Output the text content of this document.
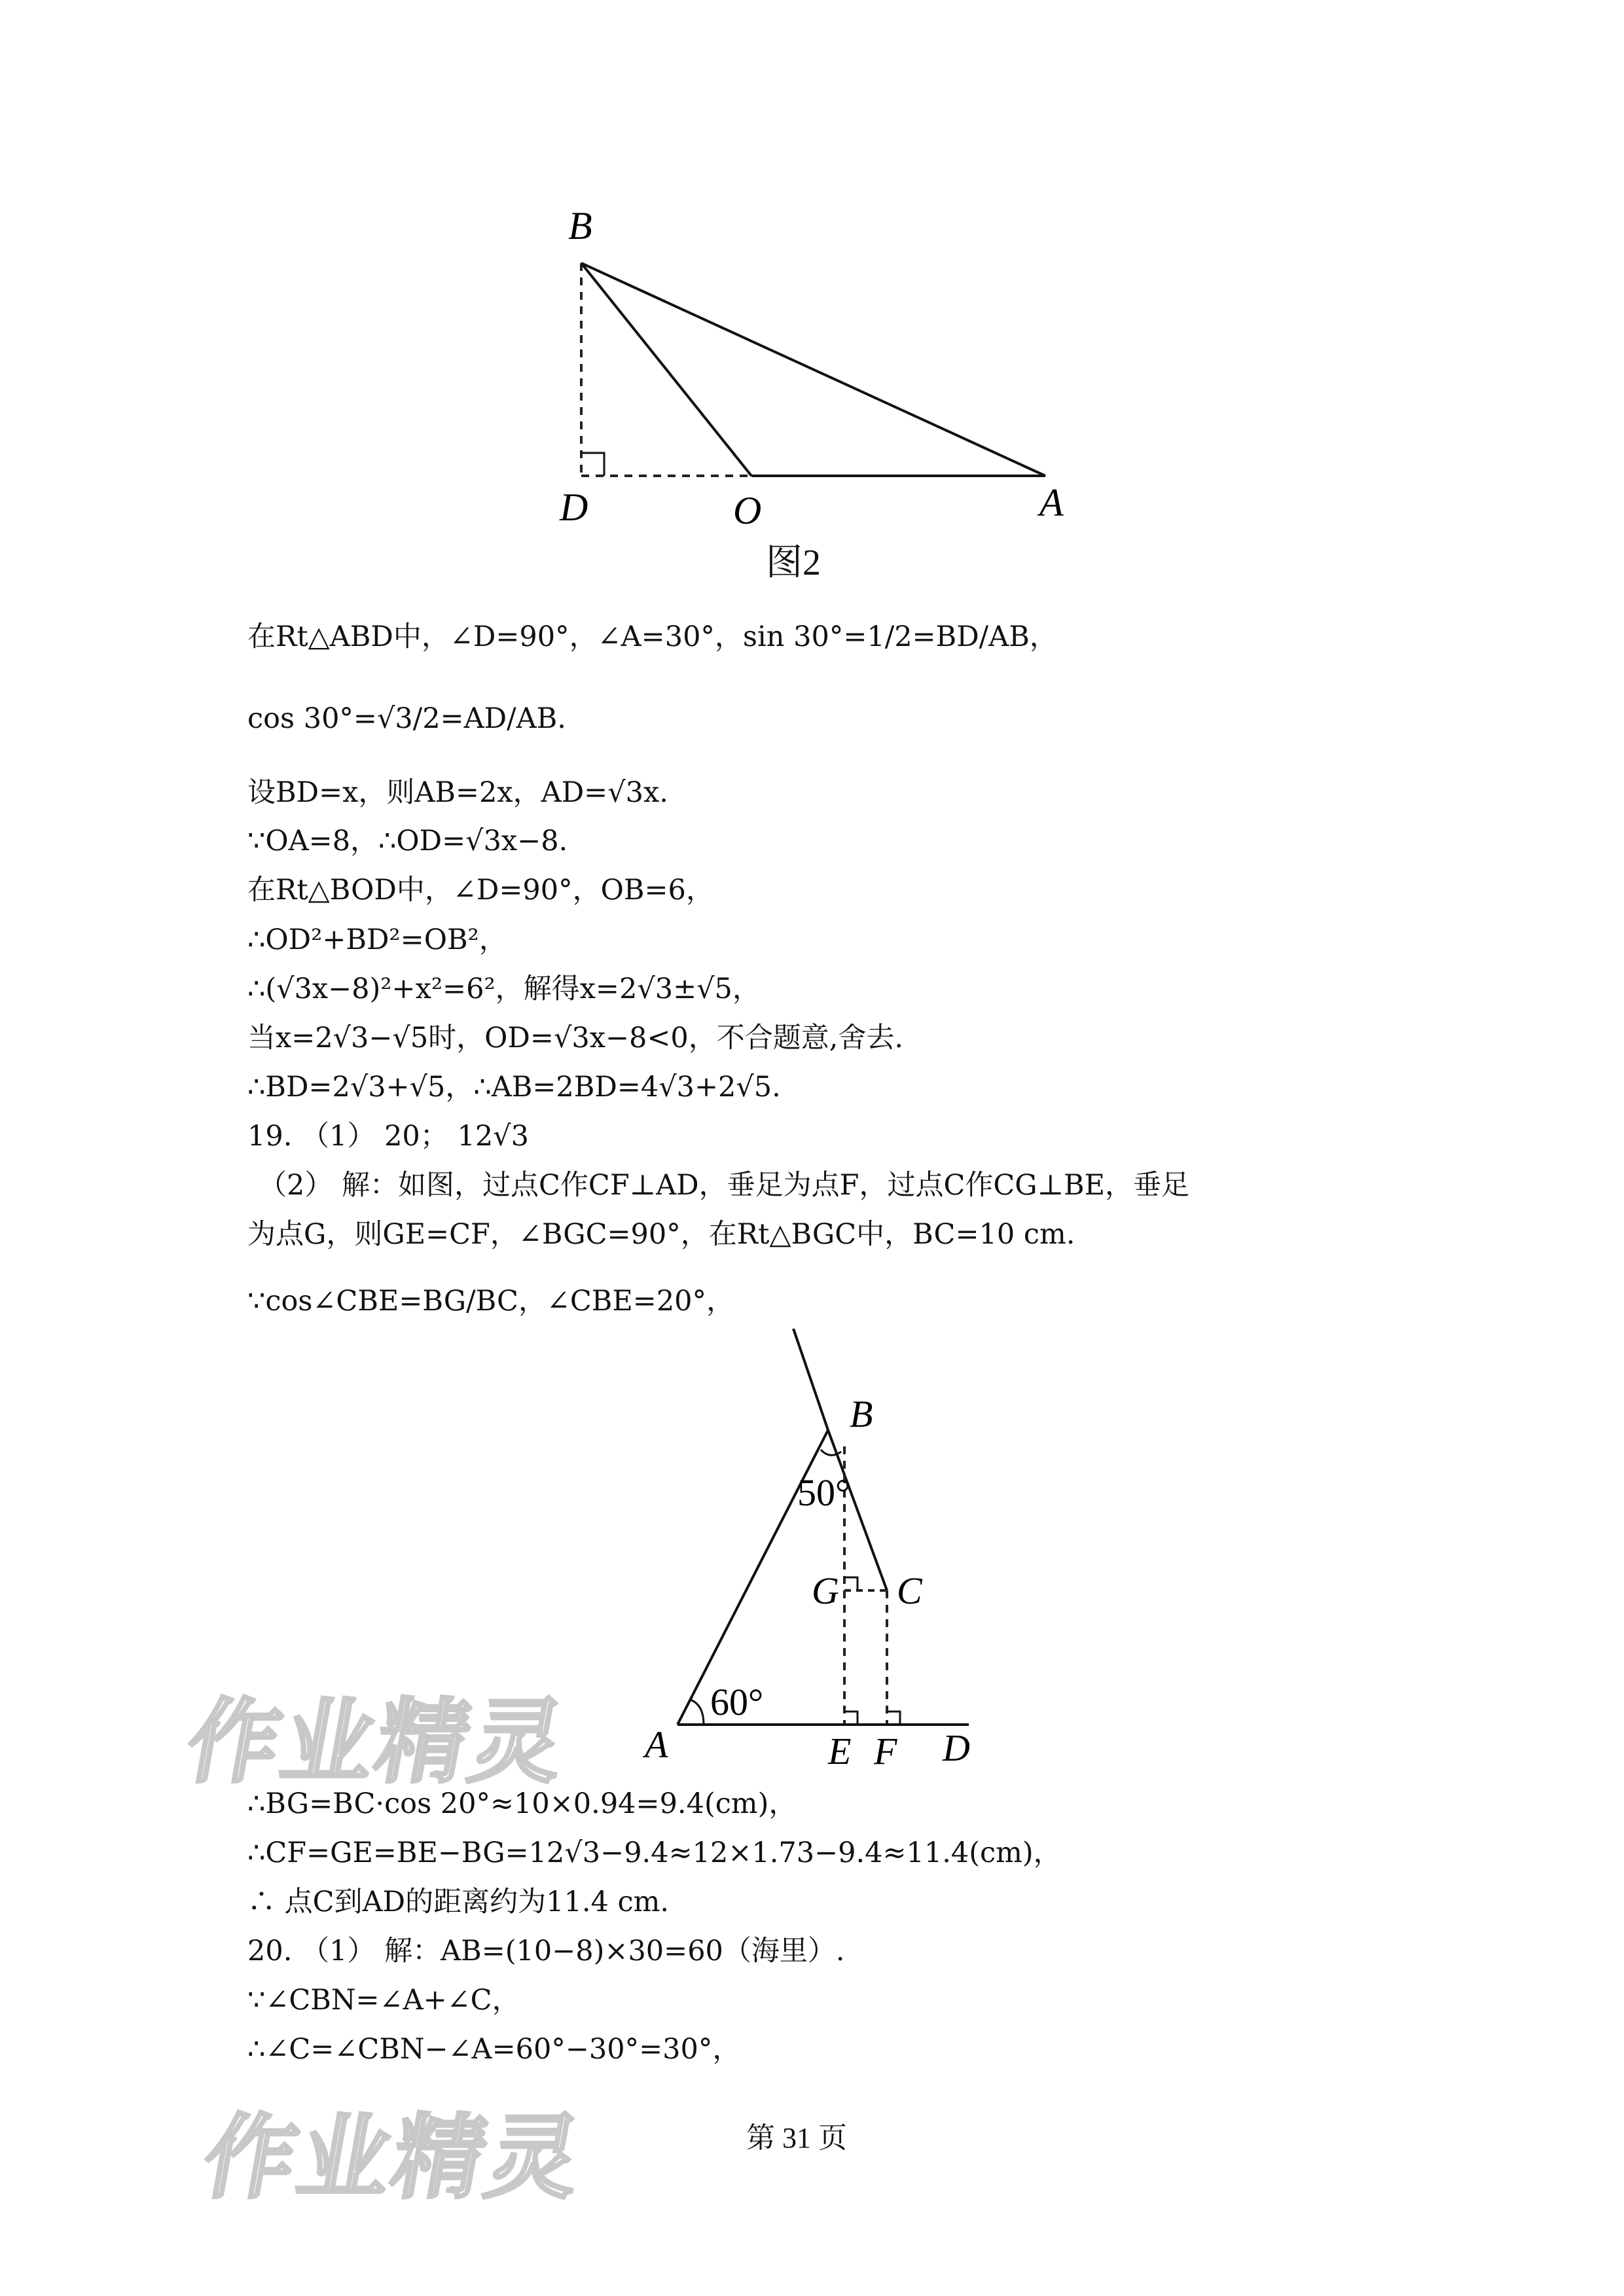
B
D	O	A
图2
在Rt△ABD中，∠D=90°，∠A=30°，sin 30°=1/2=BD/AB，
cos 30°=√3/2=AD/AB.
设BD=x，则AB=2x，AD=√3x.
∵OA=8，∴OD=√3x−8.
在Rt△BOD中，∠D=90°，OB=6，
∴OD²+BD²=OB²，
∴(√3x−8)²+x²=6²，解得x=2√3±√5，
当x=2√3−√5时，OD=√3x−8<0，不合题意,舍去.
∴BD=2√3+√5，∴AB=2BD=4√3+2√5.
19. （1） 20； 12√3
（2） 解：如图，过点C作CF⊥AD，垂足为点F，过点C作CG⊥BE，垂足
为点G，则GE=CF，∠BGC=90°，在Rt△BGC中，BC=10 cm.
∵cos∠CBE=BG/BC，∠CBE=20°，
B
50°
G C
60°
A	E F D
∴BG=BC·cos 20°≈10×0.94=9.4(cm)，
∴CF=GE=BE−BG=12√3−9.4≈12×1.73−9.4≈11.4(cm)，
∴ 点C到AD的距离约为11.4 cm.
20. （1） 解：AB=(10−8)×30=60（海里）.
∵∠CBN=∠A+∠C，
∴∠C=∠CBN−∠A=60°−30°=30°，
作业精灵
作业精灵	第 31 页
